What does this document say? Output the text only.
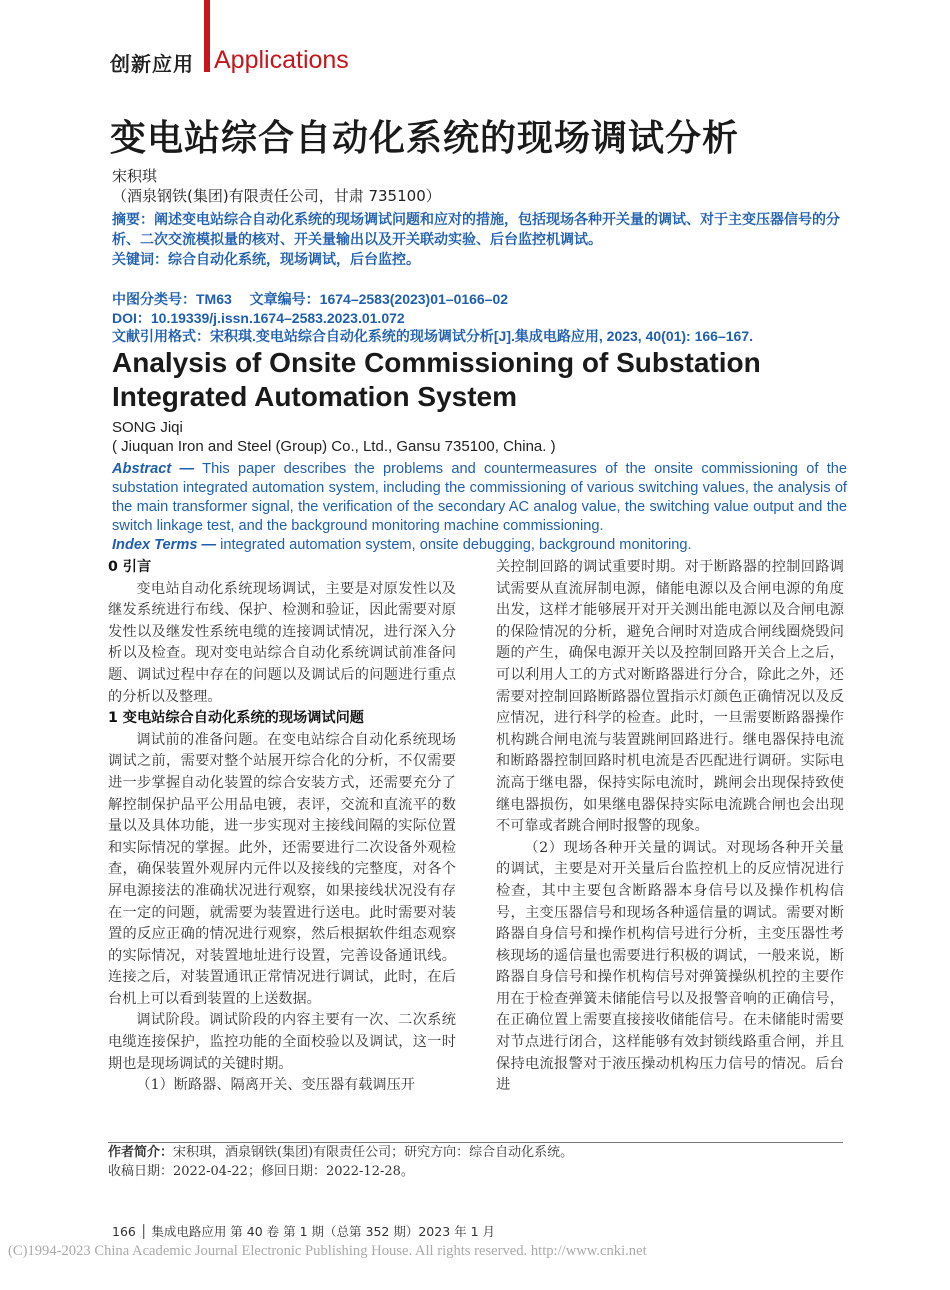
创新应用 Applications
变电站综合自动化系统的现场调试分析
宋积琪
（酒泉钢铁(集团)有限责任公司，甘肃 735100）
摘要：阐述变电站综合自动化系统的现场调试问题和应对的措施，包括现场各种开关量的调试、对于主变压器信号的分析、二次交流模拟量的核对、开关量输出以及开关联动实验、后台监控机调试。
关键词：综合自动化系统，现场调试，后台监控。
中图分类号：TM63　 文章编号：1674–2583(2023)01–0166–02
DOI：10.19339/j.issn.1674–2583.2023.01.072
文献引用格式：宋积琪.变电站综合自动化系统的现场调试分析[J].集成电路应用, 2023, 40(01): 166–167.
Analysis of Onsite Commissioning of Substation Integrated Automation System
SONG Jiqi
( Jiuquan Iron and Steel (Group) Co., Ltd., Gansu 735100, China. )
Abstract — This paper describes the problems and countermeasures of the onsite commissioning of the substation integrated automation system, including the commissioning of various switching values, the analysis of the main transformer signal, the verification of the secondary AC analog value, the switching value output and the switch linkage test, and the background monitoring machine commissioning.
Index Terms — integrated automation system, onsite debugging, background monitoring.

0 引言

变电站自动化系统现场调试，主要是对原发性以及继发系统进行布线、保护、检测和验证，因此需要对原发性以及继发性系统电缆的连接调试情况，进行深入分析以及检查。现对变电站综合自动化系统调试前准备问题、调试过程中存在的问题以及调试后的问题进行重点的分析以及整理。

1 变电站综合自动化系统的现场调试问题

调试前的准备问题。在变电站综合自动化系统现场调试之前，需要对整个站展开综合化的分析，不仅需要进一步掌握自动化装置的综合安装方式，还需要充分了解控制保护品平公用品电镀，表评，交流和直流平的数量以及具体功能，进一步实现对主接线间隔的实际位置和实际情况的掌握。此外，还需要进行二次设备外观检查，确保装置外观屏内元件以及接线的完整度，对各个屏电源接法的准确状况进行观察，如果接线状况没有存在一定的问题，就需要为装置进行送电。此时需要对装置的反应正确的情况进行观察，然后根据软件组态观察的实际情况，对装置地址进行设置，完善设备通讯线。连接之后，对装置通讯正常情况进行调试，此时，在后台机上可以看到装置的上送数据。

调试阶段。调试阶段的内容主要有一次、二次系统电缆连接保护，监控功能的全面校验以及调试，这一时期也是现场调试的关键时期。

（1）断路器、隔离开关、变压器有载调压开

关控制回路的调试重要时期。对于断路器的控制回路调试需要从直流屏制电源，储能电源以及合闸电源的角度出发，这样才能够展开对开关测出能电源以及合闸电源的保险情况的分析，避免合闸时对造成合闸线圈烧毁问题的产生，确保电源开关以及控制回路开关合上之后，可以利用人工的方式对断路器进行分合，除此之外，还需要对控制回路断路器位置指示灯颜色正确情况以及反应情况，进行科学的检查。此时，一旦需要断路器操作机构跳合闸电流与装置跳闸回路进行。继电器保持电流和断路器控制回路时机电流是否匹配进行调研。实际电流高于继电器，保持实际电流时，跳闸会出现保持致使继电器损伤，如果继电器保持实际电流跳合闸也会出现不可靠或者跳合闸时报警的现象。

（2）现场各种开关量的调试。对现场各种开关量的调试，主要是对开关量后台监控机上的反应情况进行检查，其中主要包含断路器本身信号以及操作机构信号，主变压器信号和现场各种遥信量的调试。需要对断路器自身信号和操作机构信号进行分析，主变压器性考核现场的遥信量也需要进行积极的调试，一般来说，断路器自身信号和操作机构信号对弹簧操纵机控的主要作用在于检查弹簧未储能信号以及报警音响的正确信号，在正确位置上需要直接接收储能信号。在未储能时需要对节点进行闭合，这样能够有效封锁线路重合闸，并且保持电流报警对于液压操动机构压力信号的情况。后台进

作者简介：宋积琪，酒泉钢铁(集团)有限责任公司；研究方向：综合自动化系统。
收稿日期：2022-04-22；修回日期：2022-12-28。
166 │ 集成电路应用 第 40 卷 第 1 期（总第 352 期）2023 年 1 月
(C)1994-2023 China Academic Journal Electronic Publishing House. All rights reserved. http://www.cnki.net
